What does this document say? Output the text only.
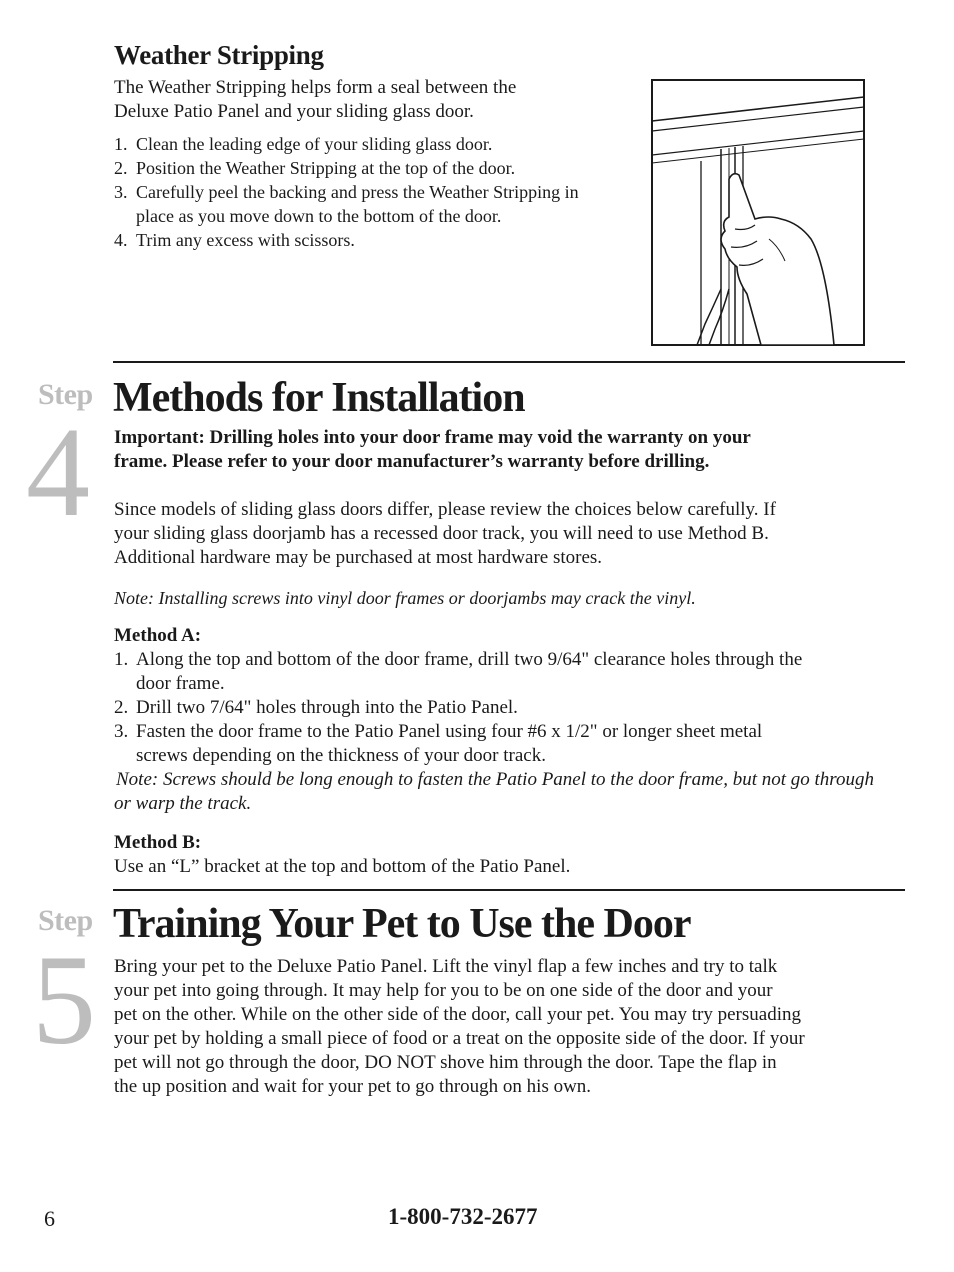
Weather Stripping
The Weather Stripping helps form a seal between the
Deluxe Patio Panel and your sliding glass door.
1. Clean the leading edge of your sliding glass door.
2. Position the Weather Stripping at the top of the door.
3. Carefully peel the backing and press the Weather Stripping in
place as you move down to the bottom of the door.
4. Trim any excess with scissors.
Step
4
Methods for Installation
Important: Drilling holes into your door frame may void the warranty on your
frame. Please refer to your door manufacturer’s warranty before drilling.
Since models of sliding glass doors differ, please review the choices below carefully. If
your sliding glass doorjamb has a recessed door track, you will need to use Method B.
Additional hardware may be purchased at most hardware stores.
Note: Installing screws into vinyl door frames or doorjambs may crack the vinyl.
Method A:
1. Along the top and bottom of the door frame, drill two 9/64" clearance holes through the
door frame.
2. Drill two 7/64" holes through into the Patio Panel.
3. Fasten the door frame to the Patio Panel using four #6 x 1/2" or longer sheet metal
screws depending on the thickness of your door track.
Note: Screws should be long enough to fasten the Patio Panel to the door frame, but not go through
or warp the track.
Method B:
Use an “L” bracket at the top and bottom of the Patio Panel.
Step
5
Training Your Pet to Use the Door
Bring your pet to the Deluxe Patio Panel. Lift the vinyl flap a few inches and try to talk
your pet into going through. It may help for you to be on one side of the door and your
pet on the other. While on the other side of the door, call your pet. You may try persuading
your pet by holding a small piece of food or a treat on the opposite side of the door. If your
pet will not go through the door, DO NOT shove him through the door. Tape the flap in
the up position and wait for your pet to go through on his own.
6	1-800-732-2677
